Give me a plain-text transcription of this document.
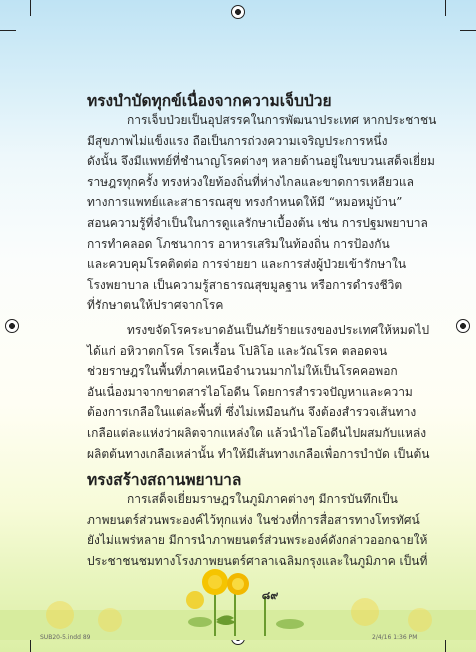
ทรงบำบัดทุกข์เนื่องจากความเจ็บป่วย
การเจ็บป่วยเป็นอุปสรรคในการพัฒนาประเทศ หากประชาชน
มีสุขภาพไม่แข็งแรง ถือเป็นการถ่วงความเจริญประการหนึ่ง
ดังนั้น จึงมีแพทย์ที่ชำนาญโรคต่างๆ หลายด้านอยู่ในขบวนเสด็จเยี่ยม
ราษฎรทุกครั้ง ทรงห่วงใยท้องถิ่นที่ห่างไกลและขาดการเหลียวแล
ทางการแพทย์และสาธารณสุข ทรงกำหนดให้มี “หมอหมู่บ้าน”
สอนความรู้ที่จำเป็นในการดูแลรักษาเบื้องต้น เช่น การปฐมพยาบาล
การทำคลอด โภชนาการ อาหารเสริมในท้องถิ่น การป้องกัน
และควบคุมโรคติดต่อ การจ่ายยา และการส่งผู้ป่วยเข้ารักษาใน
โรงพยาบาล เป็นความรู้สาธารณสุขมูลฐาน หรือการดำรงชีวิต
ที่รักษาตนให้ปราศจากโรค
ทรงขจัดโรคระบาดอันเป็นภัยร้ายแรงของประเทศให้หมดไป
ได้แก่ อหิวาตกโรค โรคเรื้อน โปลิโอ และวัณโรค ตลอดจน
ช่วยราษฎรในพื้นที่ภาคเหนือจำนวนมากไม่ให้เป็นโรคคอพอก
อันเนื่องมาจากขาดสารไอโอดีน โดยการสำรวจปัญหาและความ
ต้องการเกลือในแต่ละพื้นที่ ซึ่งไม่เหมือนกัน จึงต้องสำรวจเส้นทาง
เกลือแต่ละแห่งว่าผลิตจากแหล่งใด แล้วนำไอโอดีนไปผสมกับแหล่ง
ผลิตต้นทางเกลือเหล่านั้น ทำให้มีเส้นทางเกลือเพื่อการบำบัด เป็นต้น
ทรงสร้างสถานพยาบาล
การเสด็จเยี่ยมราษฎรในภูมิภาคต่างๆ มีการบันทึกเป็น
ภาพยนตร์ส่วนพระองค์ไว้ทุกแห่ง ในช่วงที่การสื่อสารทางโทรทัศน์
ยังไม่แพร่หลาย มีการนำภาพยนตร์ส่วนพระองค์ดังกล่าวออกฉายให้
ประชาชนชมทางโรงภาพยนตร์ศาลาเฉลิมกรุงและในภูมิภาค เป็นที่
๘๙
SUB20-5.indd 89	2/4/16 1:36 PM
